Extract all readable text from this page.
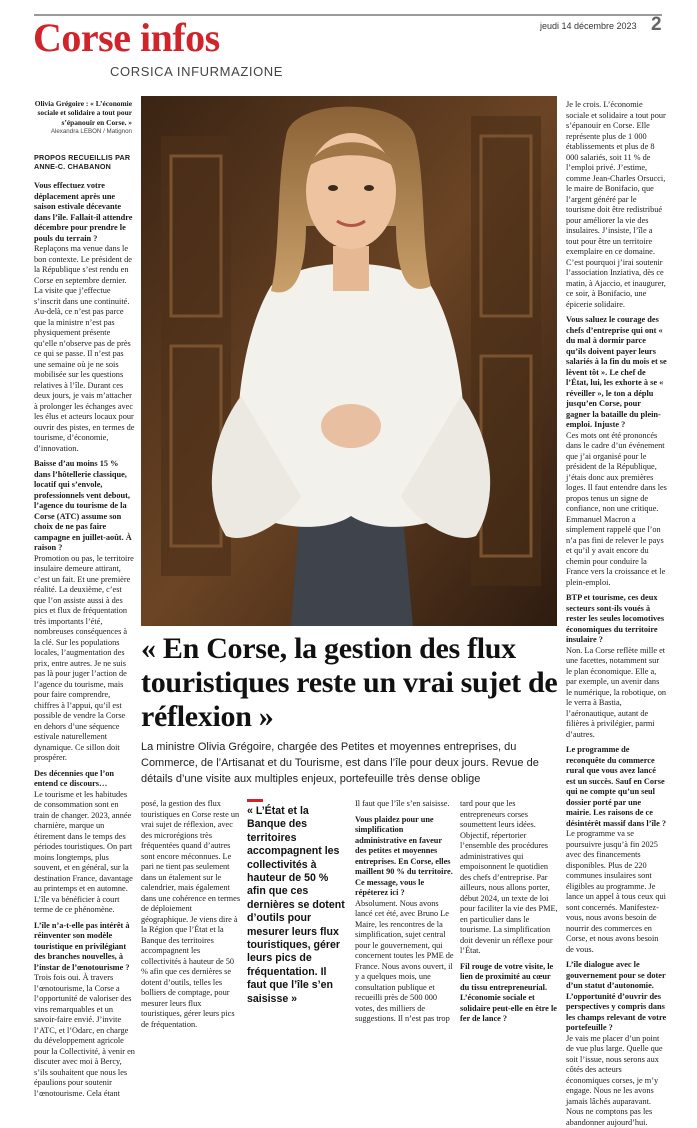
Corse infos
CORSICA INFURMAZIONE
jeudi 14 décembre 2023 2
Olivia Grégoire : « L’économie sociale et solidaire a tout pour s’épanouir en Corse. »
Alexandra LEBON / Matignon
PROPOS RECUEILLIS PAR ANNE-C. CHABANON

Vous effectuez votre déplacement après une saison estivale décevante dans l’île. Fallait-il attendre décembre pour prendre le pouls du terrain ?

Replaçons ma venue dans le bon contexte. Le président de la République s’est rendu en Corse en septembre dernier. La visite que j’effectue s’inscrit dans une continuité. Au-delà, ce n’est pas parce que la ministre n’est pas physiquement présente qu’elle n’observe pas de près ce qui se passe. Il n’est pas une semaine où je ne sois mobilisée sur les questions relatives à l’île. Durant ces deux jours, je vais m’attacher à prolonger les échanges avec les élus et acteurs locaux pour ouvrir des pistes, en termes de tourisme, d’économie, d’innovation.

Baisse d’au moins 15 % dans l’hôtellerie classique, locatif qui s’envole, professionnels vent debout, l’agence du tourisme de la Corse (ATC) assume son choix de ne pas faire campagne en juillet-août. À raison ?

Promotion ou pas, le territoire insulaire demeure attirant, c’est un fait. Et une première réalité. La deuxième, c’est que l’on assiste aussi à des pics et flux de fréquentation très importants l’été, nombreuses conséquences à la clé. Sur les populations locales, l’augmentation des prix, entre autres. Je ne suis pas là pour juger l’action de l’agence du tourisme, mais pour faire comprendre, chiffres à l’appui, qu’il est possible de vendre la Corse en dehors d’une séquence estivale naturellement dynamique. Ce sillon doit prospérer.

Des décennies que l’on entend ce discours…

Le tourisme et les habitudes de consommation sont en train de changer. 2023, année charnière, marque un étirement dans le temps des périodes touristiques. On part moins longtemps, plus souvent, et en général, sur la destination France, davantage au printemps et en automne. L’île va bénéficier à court terme de ce phénomène.

L’île n’a-t-elle pas intérêt à réinventer son modèle touristique en privilégiant des branches nouvelles, à l’instar de l’œnotourisme ?

Trois fois oui. À travers l’œnotourisme, la Corse a l’opportunité de valoriser des vins remarquables et un savoir-faire envié. J’invite l’ATC, et l’Odarc, en charge du développement agricole pour la Collectivité, à venir en discuter avec moi à Bercy, s’ils souhaitent que nous les épaulions pour soutenir l’œnotourisme. Cela étant

Je le crois. L’économie sociale et solidaire a tout pour s’épanouir en Corse. Elle représente plus de 1 000 établissements et plus de 8 000 salariés, soit 11 % de l’emploi privé. J’estime, comme Jean-Charles Orsucci, le maire de Bonifacio, que l’argent généré par le tourisme doit être redistribué pour améliorer la vie des insulaires. J’insiste, l’île a tout pour être un territoire exemplaire en ce domaine. C’est pourquoi j’irai soutenir l’association Inziativa, dès ce matin, à Ajaccio, et inaugurer, ce soir, à Bonifacio, une épicerie solidaire.

Vous saluez le courage des chefs d’entreprise qui ont « du mal à dormir parce qu’ils doivent payer leurs salariés à la fin du mois et se lèvent tôt ». Le chef de l’État, lui, les exhorte à se « réveiller », le ton a déplu jusqu’en Corse, pour gagner la bataille du plein-emploi. Injuste ?

Ces mots ont été prononcés dans le cadre d’un événement que j’ai organisé pour le président de la République, j’étais donc aux premières loges. Il faut entendre dans les propos tenus un signe de confiance, non une critique. Emmanuel Macron a simplement rappelé que l’on n’a pas fini de relever le pays et qu’il y avait encore du chemin pour conduire la France vers la croissance et le plein-emploi.

BTP et tourisme, ces deux secteurs sont-ils voués à rester les seules locomotives économiques du territoire insulaire ?

Non. La Corse reflète mille et une facettes, notamment sur le plan économique. Elle a, par exemple, un avenir dans le numérique, la robotique, on le verra à Bastia, l’aéronautique, autant de filières à privilégier, parmi d’autres.

Le programme de reconquête du commerce rural que vous avez lancé est un succès. Sauf en Corse qui ne compte qu’un seul dossier porté par une mairie. Les raisons de ce désintérêt massif dans l’île ?

Le programme va se poursuivre jusqu’à fin 2025 avec des financements disponibles. Plus de 220 communes insulaires sont éligibles au programme. Je lance un appel à tous ceux qui sont concernés. Manifestez-vous, nous avons besoin de nourrir des commerces en Corse, et nous avons besoin de vous.

L’île dialogue avec le gouvernement pour se doter d’un statut d’autonomie. L’opportunité d’ouvrir des perspectives y compris dans les champs relevant de votre portefeuille ?

Je vais me placer d’un point de vue plus large. Quelle que soit l’issue, nous serons aux côtés des acteurs économiques corses, je m’y engage. Nous ne les avons jamais lâchés auparavant. Nous ne comptons pas les abandonner aujourd’hui.

« En Corse, la gestion des flux touristiques reste un vrai sujet de réflexion »
La ministre Olivia Grégoire, chargée des Petites et moyennes entreprises, du Commerce, de l’Artisanat et du Tourisme, est dans l’île pour deux jours. Revue de détails d’une visite aux multiples enjeux, portefeuille très dense oblige

posé, la gestion des flux touristiques en Corse reste un vrai sujet de réflexion, avec des microrégions très fréquentées quand d’autres sont encore méconnues. Le pari ne tient pas seulement dans un étalement sur le calendrier, mais également dans une cohérence en termes de déploiement géographique. Je viens dire à la Région que l’État et la Banque des territoires accompagnent les collectivités à hauteur de 50 % afin que ces dernières se dotent d’outils, telles les bolliers de comptage, pour mesurer leurs flux touristiques, gérer leurs pics de fréquentation.

« L’État et la Banque des territoires accompagnent les collectivités à hauteur de 50 % afin que ces dernières se dotent d’outils pour mesurer leurs flux touristiques, gérer leurs pics de fréquentation. Il faut que l’île s’en saisisse »

Il faut que l’île s’en saisisse.

Vous plaidez pour une simplification administrative en faveur des petites et moyennes entreprises. En Corse, elles maillent 90 % du territoire. Ce message, vous le répéterez ici ?

Absolument. Nous avons lancé cet été, avec Bruno Le Maire, les rencontres de la simplification, sujet central pour le gouvernement, qui concernent toutes les PME de France. Nous avons ouvert, il y a quelques mois, une consultation publique et recueilli près de 500 000 votes, des milliers de suggestions. Il n’est pas trop

tard pour que les entrepreneurs corses soumettent leurs idées. Objectif, répertorier l’ensemble des procédures administratives qui empoisonnent le quotidien des chefs d’entreprise. Par ailleurs, nous allons porter, début 2024, un texte de loi pour faciliter la vie des PME, en particulier dans le tourisme. La simplification doit devenir un réflexe pour l’État.

Fil rouge de votre visite, le lien de proximité au cœur du tissu entrepreneurial. L’économie sociale et solidaire peut-elle en être le fer de lance ?
